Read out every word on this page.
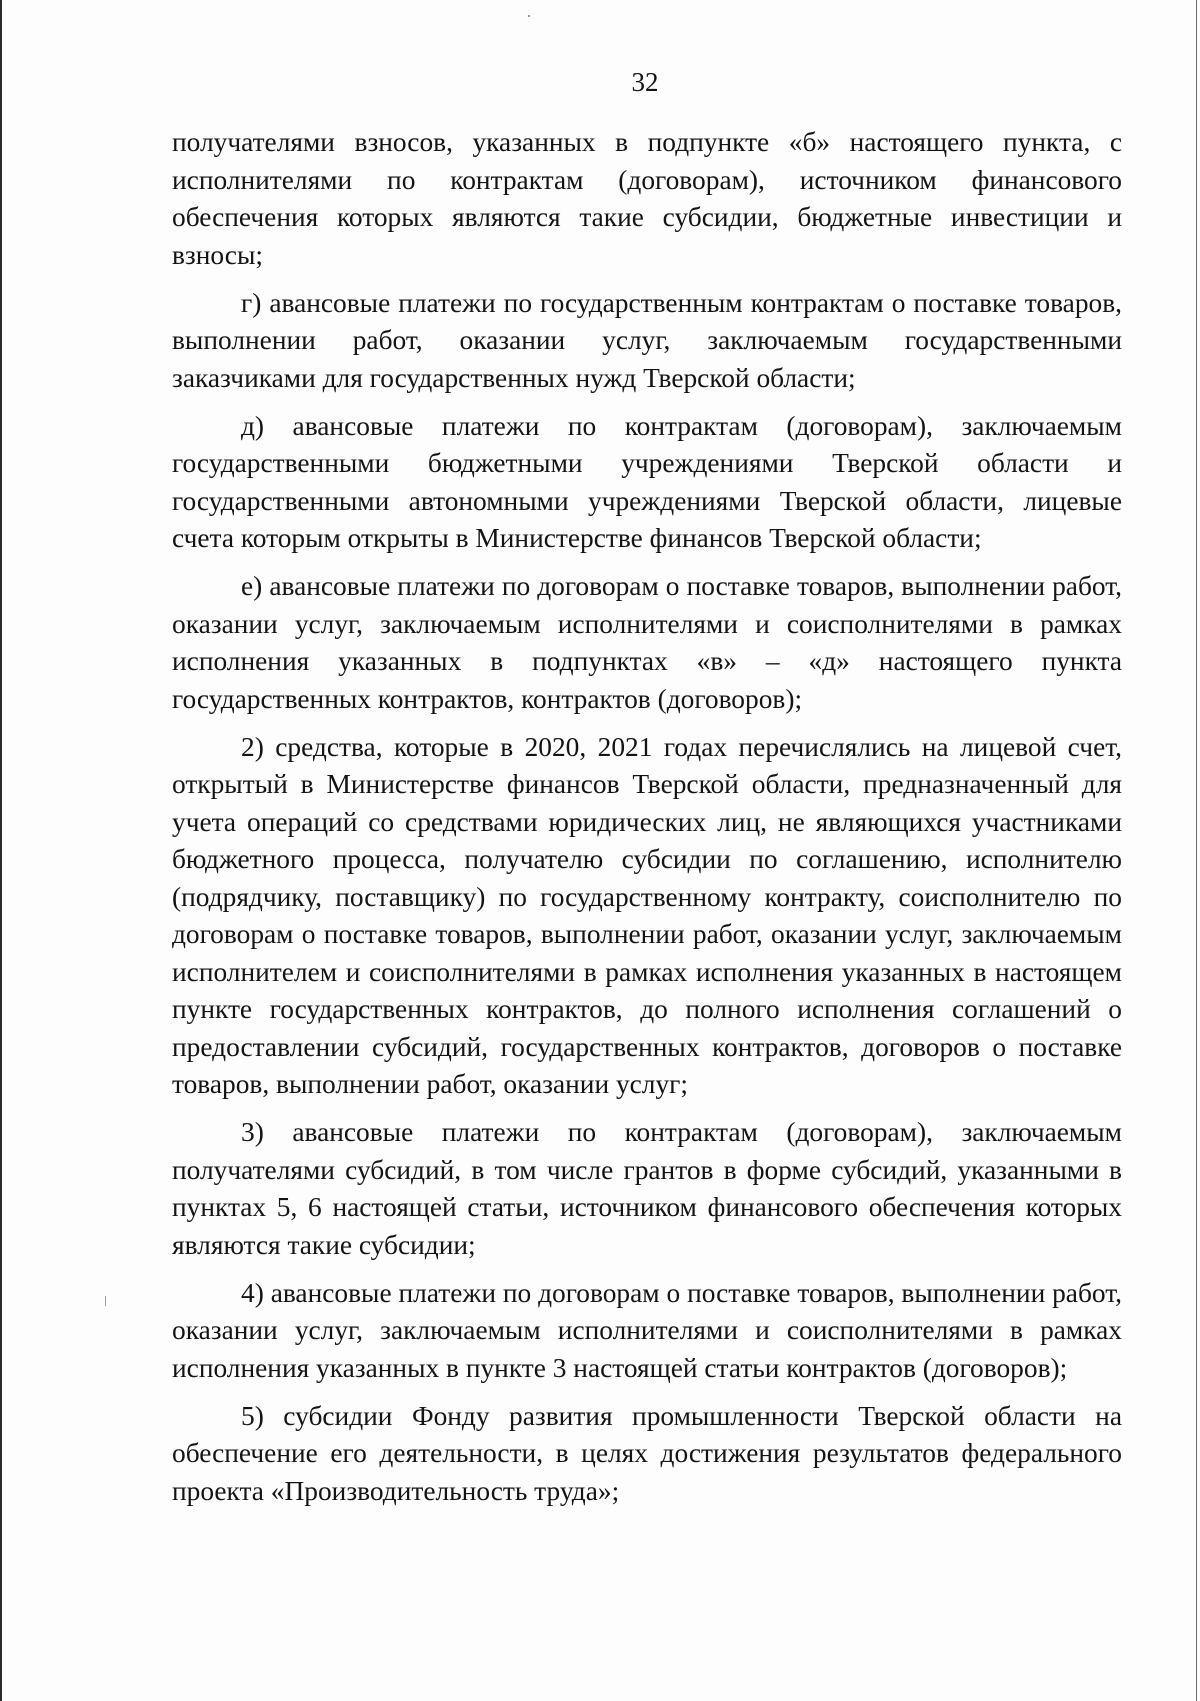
32

получателями взносов, указанных в подпункте «б» настоящего пункта, с исполнителями по контрактам (договорам), источником финансового обеспечения которых являются такие субсидии, бюджетные инвестиции и взносы;

г) авансовые платежи по государственным контрактам о поставке товаров, выполнении работ, оказании услуг, заключаемым государственными заказчиками для государственных нужд Тверской области;

д) авансовые платежи по контрактам (договорам), заключаемым государственными бюджетными учреждениями Тверской области и государственными автономными учреждениями Тверской области, лицевые счета которым открыты в Министерстве финансов Тверской области;

е) авансовые платежи по договорам о поставке товаров, выполнении работ, оказании услуг, заключаемым исполнителями и соисполнителями в рамках исполнения указанных в подпунктах «в» – «д» настоящего пункта государственных контрактов, контрактов (договоров);

2) средства, которые в 2020, 2021 годах перечислялись на лицевой счет, открытый в Министерстве финансов Тверской области, предназначенный для учета операций со средствами юридических лиц, не являющихся участниками бюджетного процесса, получателю субсидии по соглашению, исполнителю (подрядчику, поставщику) по государственному контракту, соисполнителю по договорам о поставке товаров, выполнении работ, оказании услуг, заключаемым исполнителем и соисполнителями в рамках исполнения указанных в настоящем пункте государственных контрактов, до полного исполнения соглашений о предоставлении субсидий, государственных контрактов, договоров о поставке товаров, выполнении работ, оказании услуг;

3) авансовые платежи по контрактам (договорам), заключаемым получателями субсидий, в том числе грантов в форме субсидий, указанными в пунктах 5, 6 настоящей статьи, источником финансового обеспечения которых являются такие субсидии;

4) авансовые платежи по договорам о поставке товаров, выполнении работ, оказании услуг, заключаемым исполнителями и соисполнителями в рамках исполнения указанных в пункте 3 настоящей статьи контрактов (договоров);

5) субсидии Фонду развития промышленности Тверской области на обеспечение его деятельности, в целях достижения результатов федерального проекта «Производительность труда»;
